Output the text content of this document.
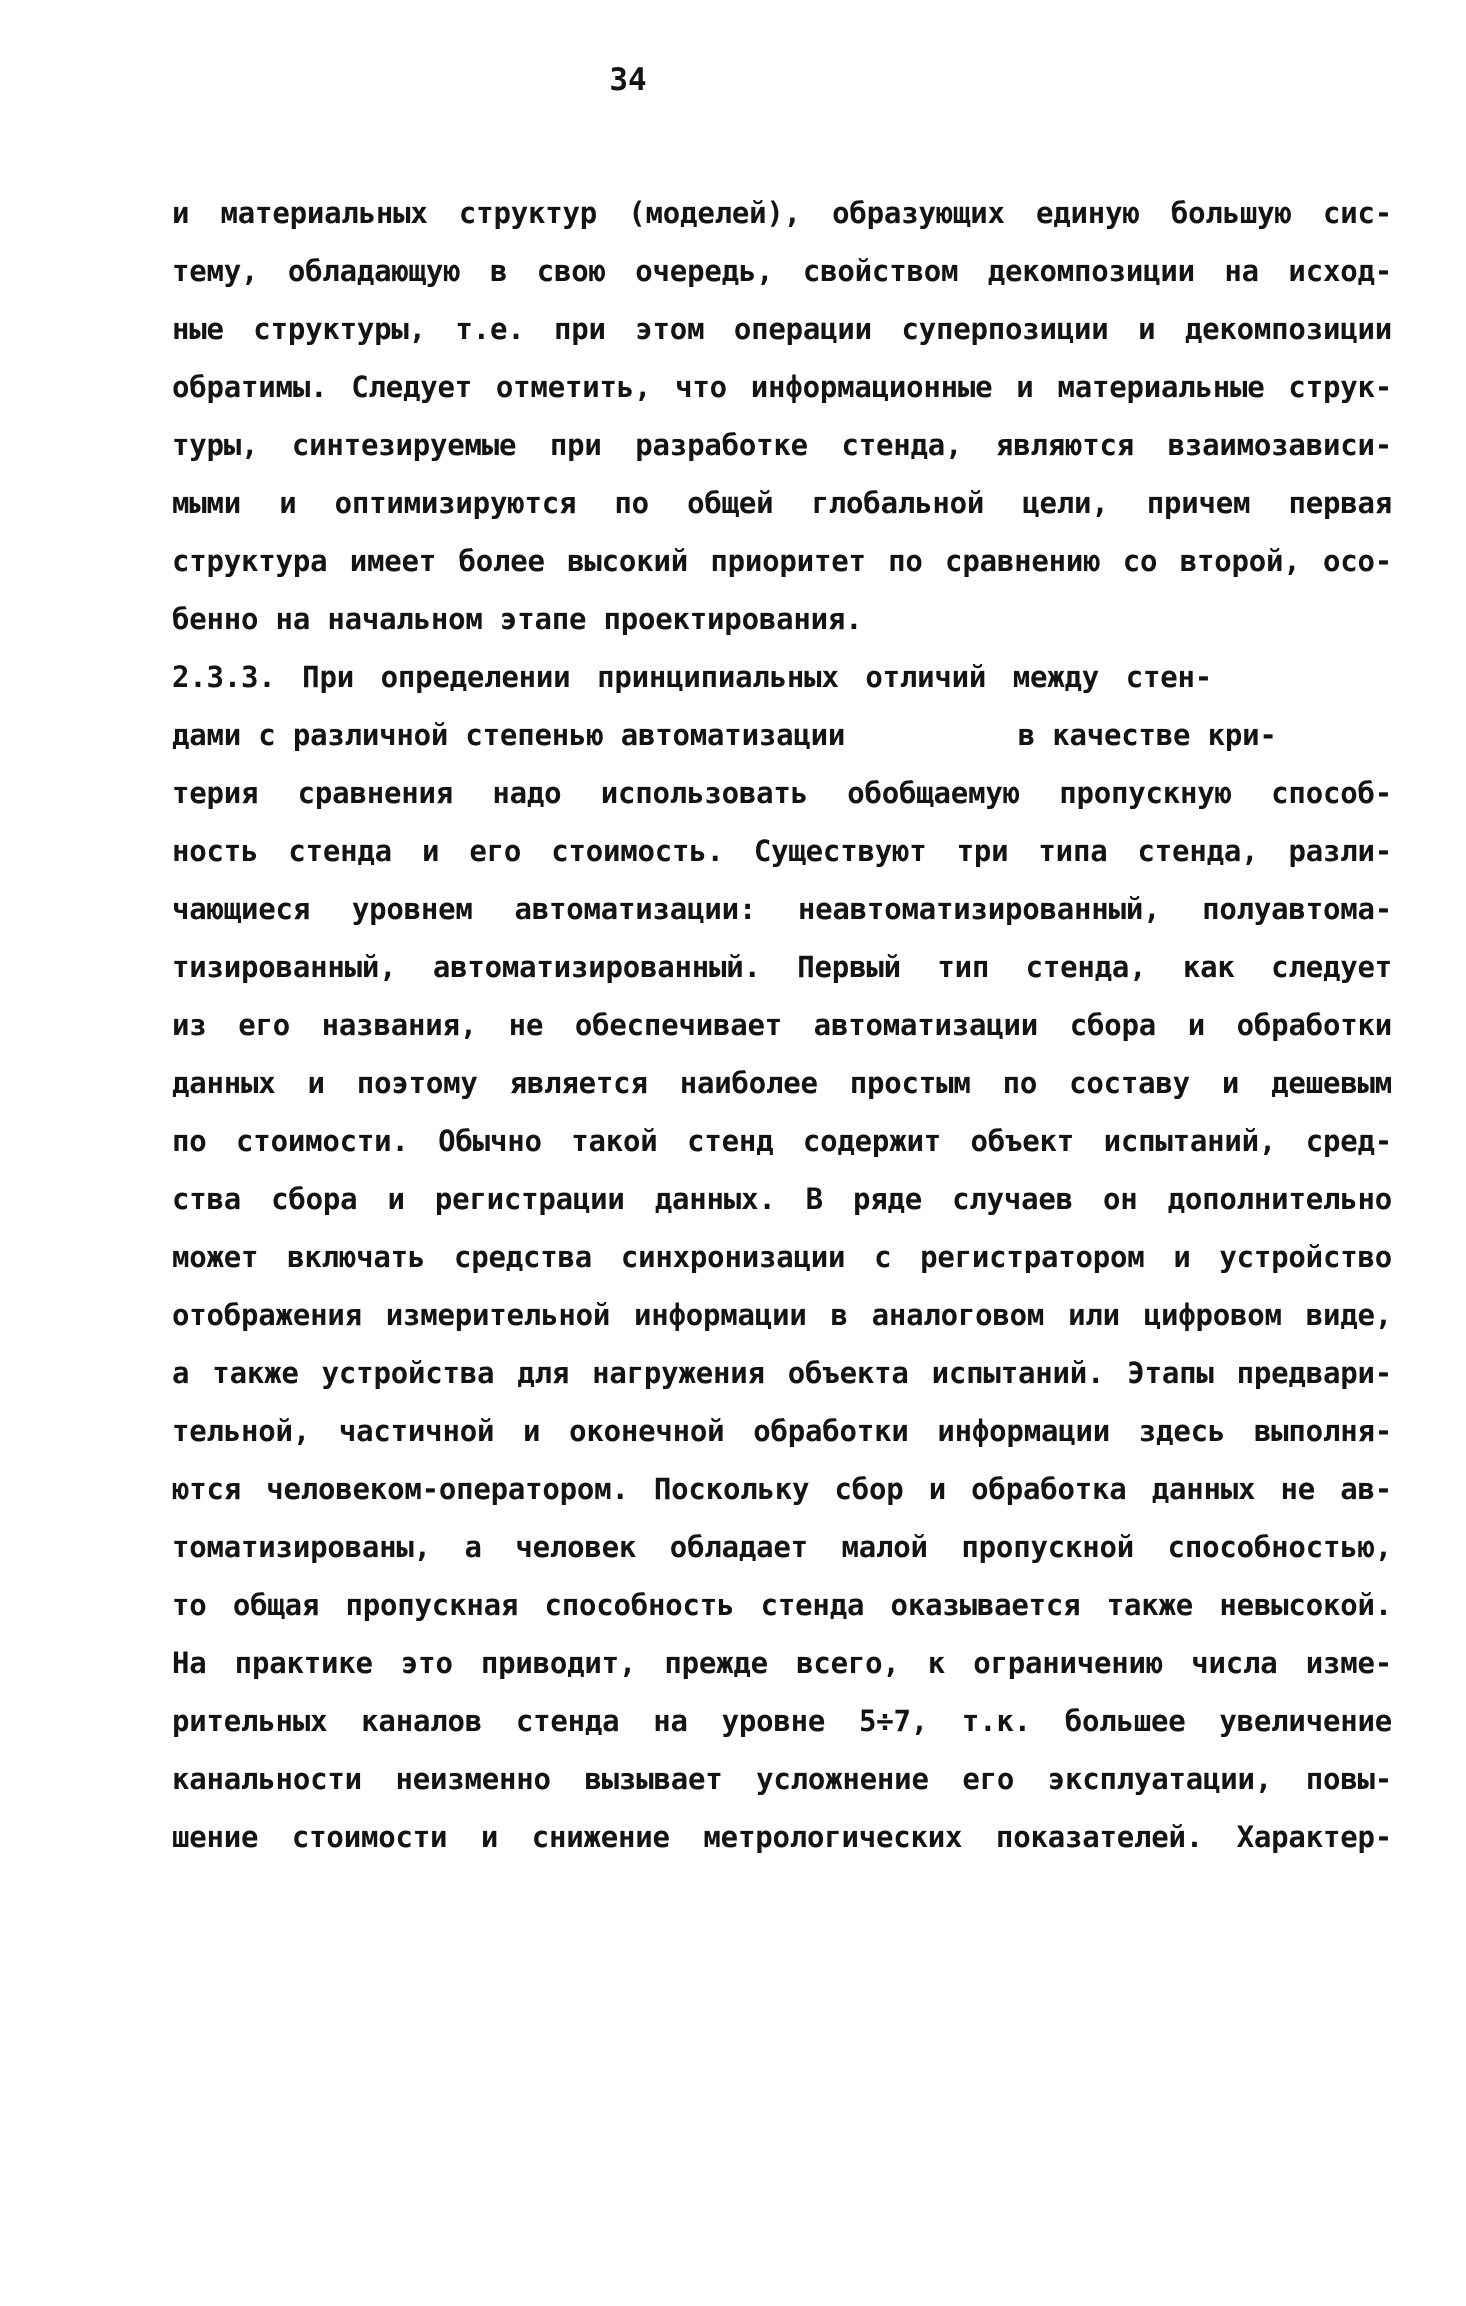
34
и материальных структур (моделей), образующих единую большую сис-
тему, обладающую в свою очередь, свойством декомпозиции на исход-
ные структуры, т.е. при этом операции суперпозиции и декомпозиции
обратимы. Следует отметить, что информационные и материальные струк-
туры, синтезируемые при разработке стенда, являются взаимозависи-
мыми и оптимизируются по общей глобальной цели, причем первая
структура имеет более высокий приоритет по сравнению со второй, осо-
бенно на начальном этапе проектирования.
2.3.3. При определении принципиальных отличий между стен-
дами с различной степенью автоматизации          в качестве кри-
терия сравнения надо использовать обобщаемую пропускную способ-
ность стенда и его стоимость. Существуют три типа стенда, разли-
чающиеся уровнем автоматизации: неавтоматизированный, полуавтома-
тизированный, автоматизированный. Первый тип стенда, как следует
из его названия, не обеспечивает автоматизации сбора и обработки
данных и поэтому является наиболее простым по составу и дешевым
по стоимости. Обычно такой стенд содержит объект испытаний, сред-
ства сбора и регистрации данных. В ряде случаев он дополнительно
может включать средства синхронизации с регистратором и устройство
отображения измерительной информации в аналоговом или цифровом виде,
а также устройства для нагружения объекта испытаний. Этапы предвари-
тельной, частичной и оконечной обработки информации здесь выполня-
ются человеком-оператором. Поскольку сбор и обработка данных не ав-
томатизированы, а человек обладает малой пропускной способностью,
то общая пропускная способность стенда оказывается также невысокой.
На практике это приводит, прежде всего, к ограничению числа изме-
рительных каналов стенда на уровне 5÷7, т.к. большее увеличение
канальности неизменно вызывает усложнение его эксплуатации, повы-
шение стоимости и снижение метрологических показателей. Характер-
